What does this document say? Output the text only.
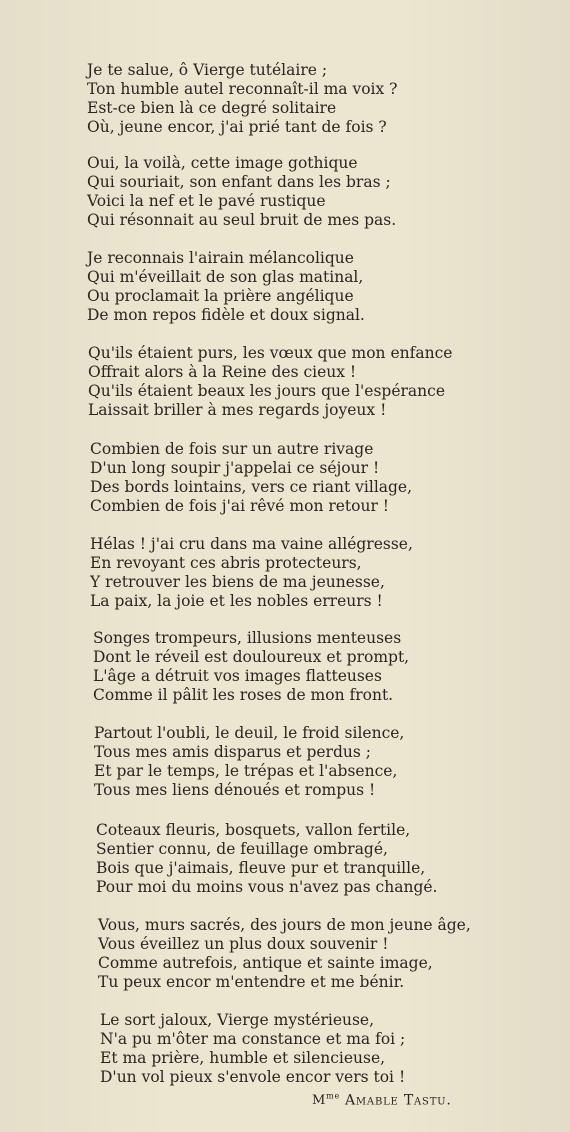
Je te salue, ô Vierge tutélaire ;
Ton humble autel reconnaît-il ma voix ?
Est-ce bien là ce degré solitaire
Où, jeune encor, j'ai prié tant de fois ?
Oui, la voilà, cette image gothique
Qui souriait, son enfant dans les bras ;
Voici la nef et le pavé rustique
Qui résonnait au seul bruit de mes pas.
Je reconnais l'airain mélancolique
Qui m'éveillait de son glas matinal,
Ou proclamait la prière angélique
De mon repos fidèle et doux signal.
Qu'ils étaient purs, les vœux que mon enfance
Offrait alors à la Reine des cieux !
Qu'ils étaient beaux les jours que l'espérance
Laissait briller à mes regards joyeux !
Combien de fois sur un autre rivage
D'un long soupir j'appelai ce séjour !
Des bords lointains, vers ce riant village,
Combien de fois j'ai rêvé mon retour !
Hélas ! j'ai cru dans ma vaine allégresse,
En revoyant ces abris protecteurs,
Y retrouver les biens de ma jeunesse,
La paix, la joie et les nobles erreurs !
Songes trompeurs, illusions menteuses
Dont le réveil est douloureux et prompt,
L'âge a détruit vos images flatteuses
Comme il pâlit les roses de mon front.
Partout l'oubli, le deuil, le froid silence,
Tous mes amis disparus et perdus ;
Et par le temps, le trépas et l'absence,
Tous mes liens dénoués et rompus !
Coteaux fleuris, bosquets, vallon fertile,
Sentier connu, de feuillage ombragé,
Bois que j'aimais, fleuve pur et tranquille,
Pour moi du moins vous n'avez pas changé.
Vous, murs sacrés, des jours de mon jeune âge,
Vous éveillez un plus doux souvenir !
Comme autrefois, antique et sainte image,
Tu peux encor m'entendre et me bénir.
Le sort jaloux, Vierge mystérieuse,
N'a pu m'ôter ma constance et ma foi ;
Et ma prière, humble et silencieuse,
D'un vol pieux s'envole encor vers toi !
$M^{me}$ Amable Tastu.
